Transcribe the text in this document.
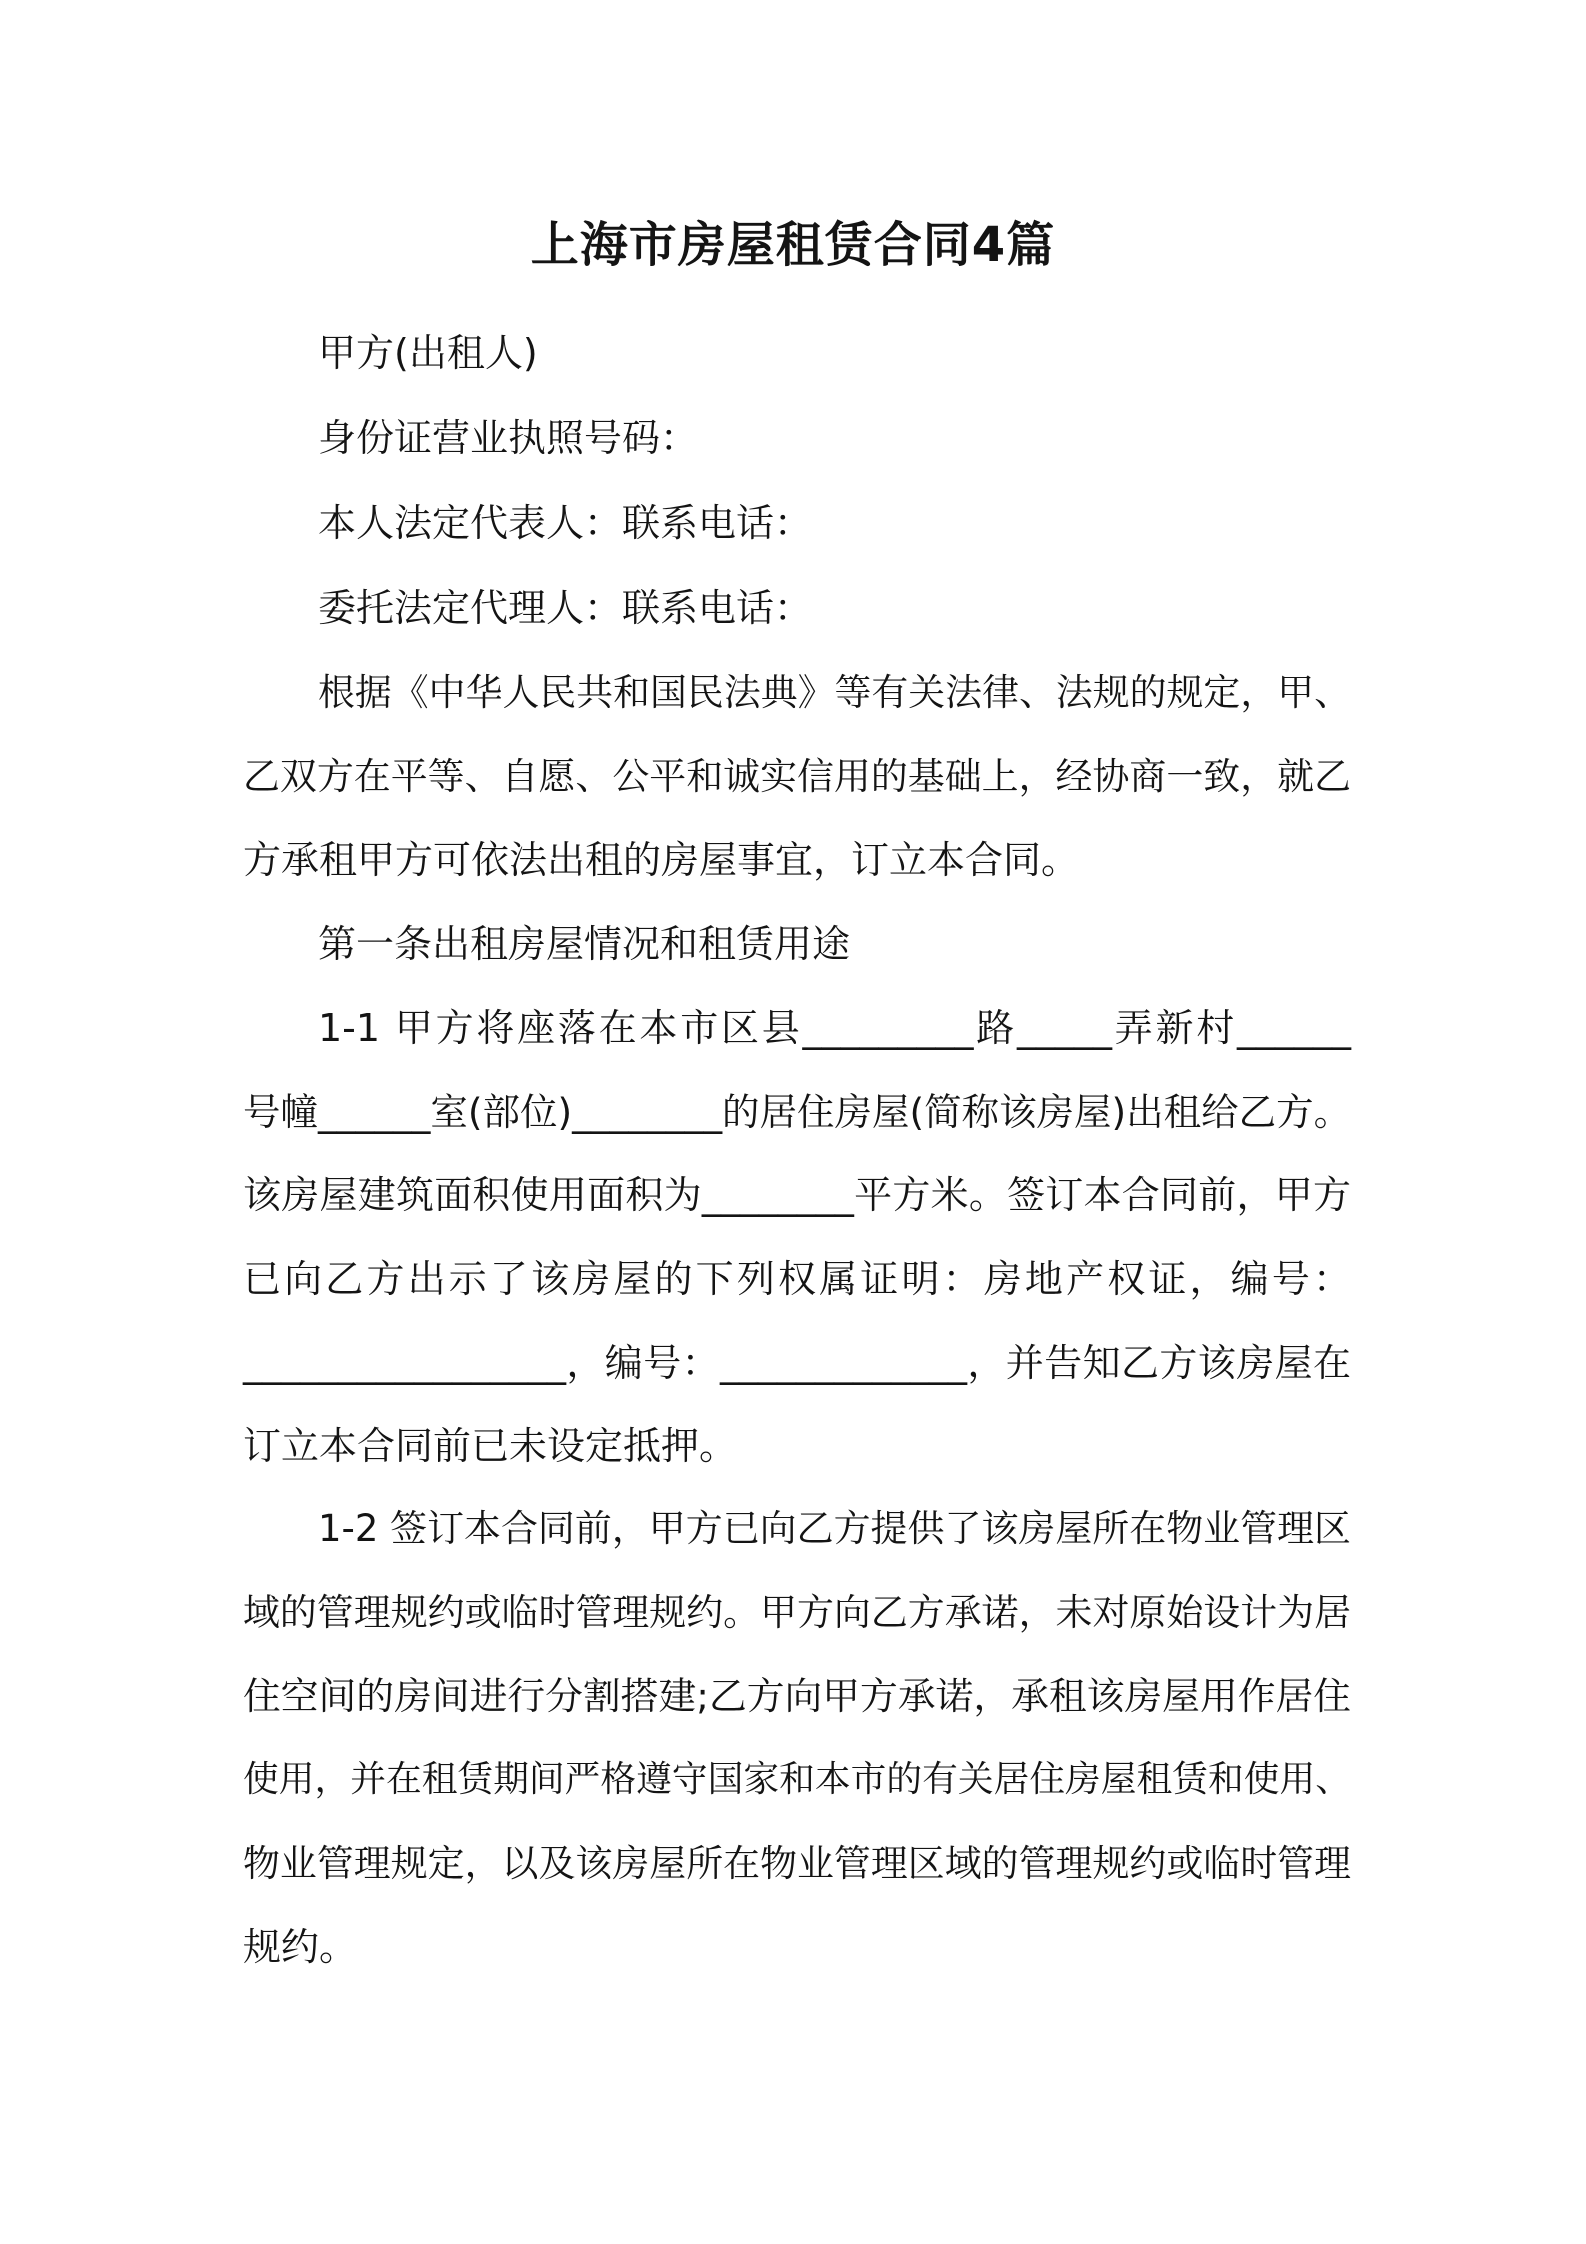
上海市房屋租赁合同4篇
甲方(出租人)
身份证营业执照号码：
本人法定代表人：联系电话：
委托法定代理人：联系电话：
根据《中华人民共和国民法典》等有关法律、法规的规定，甲、
乙双方在平等、自愿、公平和诚实信用的基础上，经协商一致，就乙
方承租甲方可依法出租的房屋事宜，订立本合同。
第一条出租房屋情况和租赁用途
1-1 甲方将座落在本市区县_________路_____弄新村______
号幢______室(部位)________的居住房屋(简称该房屋)出租给乙方。
该房屋建筑面积使用面积为________平方米。签订本合同前，甲方
已向乙方出示了该房屋的下列权属证明：房地产权证，编号：
_________________，编号：_____________，并告知乙方该房屋在
订立本合同前已未设定抵押。
1-2 签订本合同前，甲方已向乙方提供了该房屋所在物业管理区
域的管理规约或临时管理规约。甲方向乙方承诺，未对原始设计为居
住空间的房间进行分割搭建;乙方向甲方承诺，承租该房屋用作居住
使用，并在租赁期间严格遵守国家和本市的有关居住房屋租赁和使用、
物业管理规定，以及该房屋所在物业管理区域的管理规约或临时管理
规约。
